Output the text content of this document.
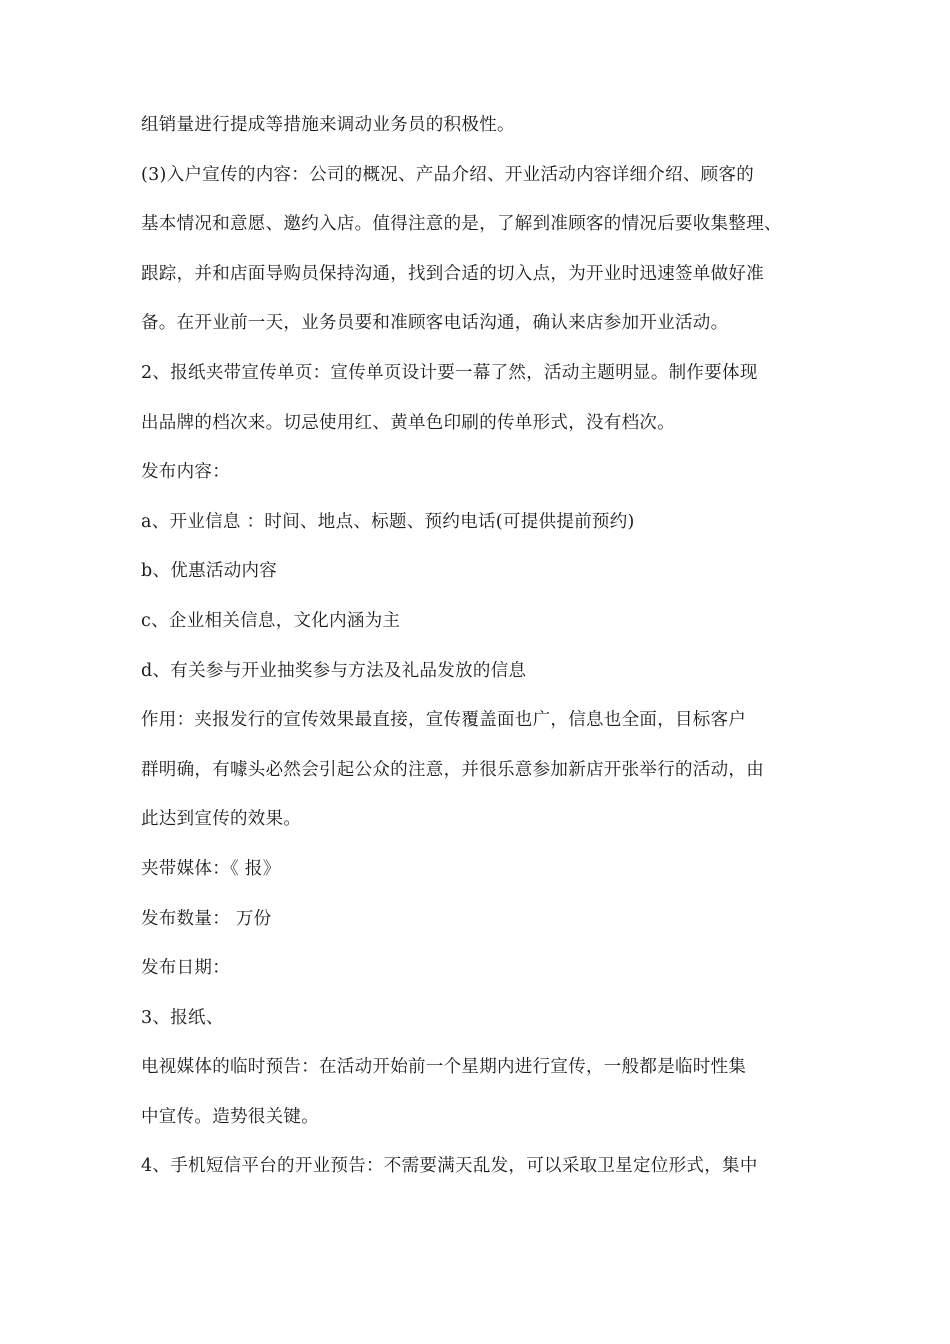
组销量进行提成等措施来调动业务员的积极性。
(3)入户宣传的内容：公司的概况、产品介绍、开业活动内容详细介绍、顾客的
基本情况和意愿、邀约入店。值得注意的是，了解到准顾客的情况后要收集整理、
跟踪，并和店面导购员保持沟通，找到合适的切入点，为开业时迅速签单做好准
备。在开业前一天，业务员要和准顾客电话沟通，确认来店参加开业活动。
2、报纸夹带宣传单页：宣传单页设计要一幕了然，活动主题明显。制作要体现
出品牌的档次来。切忌使用红、黄单色印刷的传单形式，没有档次。
发布内容：
a、开业信息 ：时间、地点、标题、预约电话(可提供提前预约)
b、优惠活动内容
c、企业相关信息，文化内涵为主
d、有关参与开业抽奖参与方法及礼品发放的信息
作用：夹报发行的宣传效果最直接，宣传覆盖面也广，信息也全面，目标客户
群明确，有噱头必然会引起公众的注意，并很乐意参加新店开张举行的活动，由
此达到宣传的效果。
夹带媒体：《 报》
发布数量： 万份
发布日期：
3、报纸、
电视媒体的临时预告：在活动开始前一个星期内进行宣传，一般都是临时性集
中宣传。造势很关键。
4、手机短信平台的开业预告：不需要满天乱发，可以采取卫星定位形式，集中
